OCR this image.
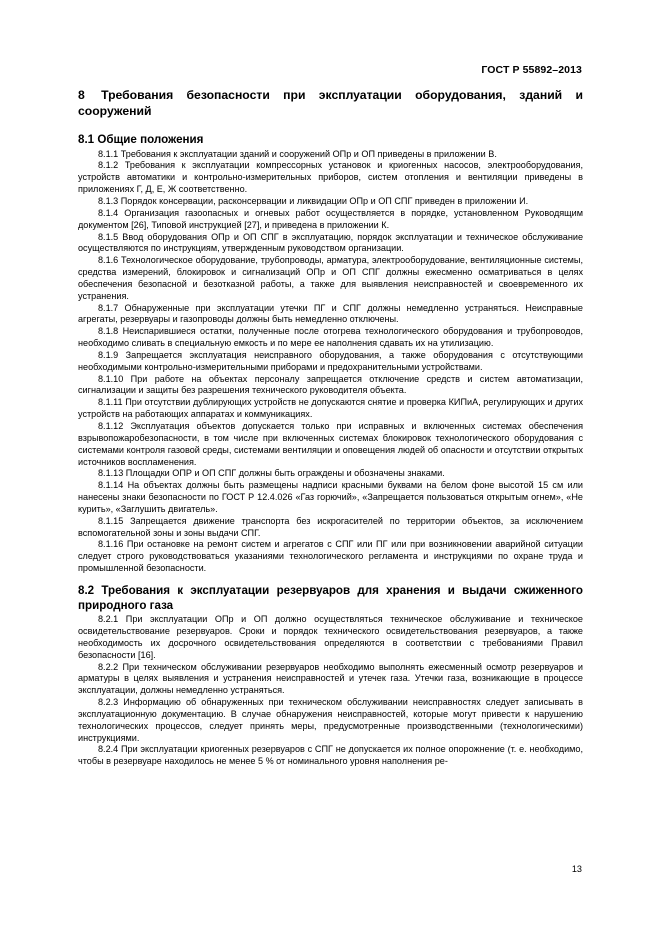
ГОСТ Р 55892–2013
8 Требования безопасности при эксплуатации оборудования, зданий и сооружений
8.1 Общие положения

8.1.1 Требования к эксплуатации зданий и сооружений ОПр и ОП приведены в приложении В.

8.1.2 Требования к эксплуатации компрессорных установок и криогенных насосов, электрооборудования, устройств автоматики и контрольно-измерительных приборов, систем отопления и вентиляции приведены в приложениях Г, Д, Е, Ж соответственно.

8.1.3 Порядок консервации, расконсервации и ликвидации ОПр и ОП СПГ приведен в приложении И.

8.1.4 Организация газоопасных и огневых работ осуществляется в порядке, установленном Руководящим документом [26], Типовой инструкцией [27], и приведена в приложении К.

8.1.5 Ввод оборудования ОПр и ОП СПГ в эксплуатацию, порядок эксплуатации и техническое обслуживание осуществляются по инструкциям, утвержденным руководством организации.

8.1.6 Технологическое оборудование, трубопроводы, арматура, электрооборудование, вентиляционные системы, средства измерений, блокировок и сигнализаций ОПр и ОП СПГ должны ежесменно осматриваться в целях обеспечения безопасной и безотказной работы, а также для выявления неисправностей и своевременного их устранения.

8.1.7 Обнаруженные при эксплуатации утечки ПГ и СПГ должны немедленно устраняться. Неисправные агрегаты, резервуары и газопроводы должны быть немедленно отключены.

8.1.8 Неиспарившиеся остатки, полученные после отогрева технологического оборудования и трубопроводов, необходимо сливать в специальную емкость и по мере ее наполнения сдавать их на утилизацию.

8.1.9 Запрещается эксплуатация неисправного оборудования, а также оборудования с отсутствующими необходимыми контрольно-измерительными приборами и предохранительными устройствами.

8.1.10 При работе на объектах персоналу запрещается отключение средств и систем автоматизации, сигнализации и защиты без разрешения технического руководителя объекта.

8.1.11 При отсутствии дублирующих устройств не допускаются снятие и проверка КИПиА, регулирующих и других устройств на работающих аппаратах и коммуникациях.

8.1.12 Эксплуатация объектов допускается только при исправных и включенных системах обеспечения взрывопожаробезопасности, в том числе при включенных системах блокировок технологического оборудования с системами контроля газовой среды, системами вентиляции и оповещения людей об опасности и отсутствии открытых источников воспламенения.

8.1.13 Площадки ОПР и ОП СПГ должны быть ограждены и обозначены знаками.

8.1.14 На объектах должны быть размещены надписи красными буквами на белом фоне высотой 15 см или нанесены знаки безопасности по ГОСТ Р 12.4.026 «Газ горючий», «Запрещается пользоваться открытым огнем», «Не курить», «Заглушить двигатель».

8.1.15 Запрещается движение транспорта без искрогасителей по территории объектов, за исключением вспомогательной зоны и зоны выдачи СПГ.

8.1.16 При остановке на ремонт систем и агрегатов с СПГ или ПГ или при возникновении аварийной ситуации следует строго руководствоваться указаниями технологического регламента и инструкциями по охране труда и промышленной безопасности.

8.2 Требования к эксплуатации резервуаров для хранения и выдачи сжиженного природного газа

8.2.1 При эксплуатации ОПр и ОП должно осуществляться техническое обслуживание и техническое освидетельствование резервуаров. Сроки и порядок технического освидетельствования резервуаров, а также необходимость их досрочного освидетельствования определяются в соответствии с требованиями Правил безопасности [16].

8.2.2 При техническом обслуживании резервуаров необходимо выполнять ежесменный осмотр резервуаров и арматуры в целях выявления и устранения неисправностей и утечек газа. Утечки газа, возникающие в процессе эксплуатации, должны немедленно устраняться.

8.2.3 Информацию об обнаруженных при техническом обслуживании неисправностях следует записывать в эксплуатационную документацию. В случае обнаружения неисправностей, которые могут привести к нарушению технологических процессов, следует принять меры, предусмотренные производственными (технологическими) инструкциями.

8.2.4 При эксплуатации криогенных резервуаров с СПГ не допускается их полное опорожнение (т. е. необходимо, чтобы в резервуаре находилось не менее 5 % от номинального уровня наполнения ре-

13
